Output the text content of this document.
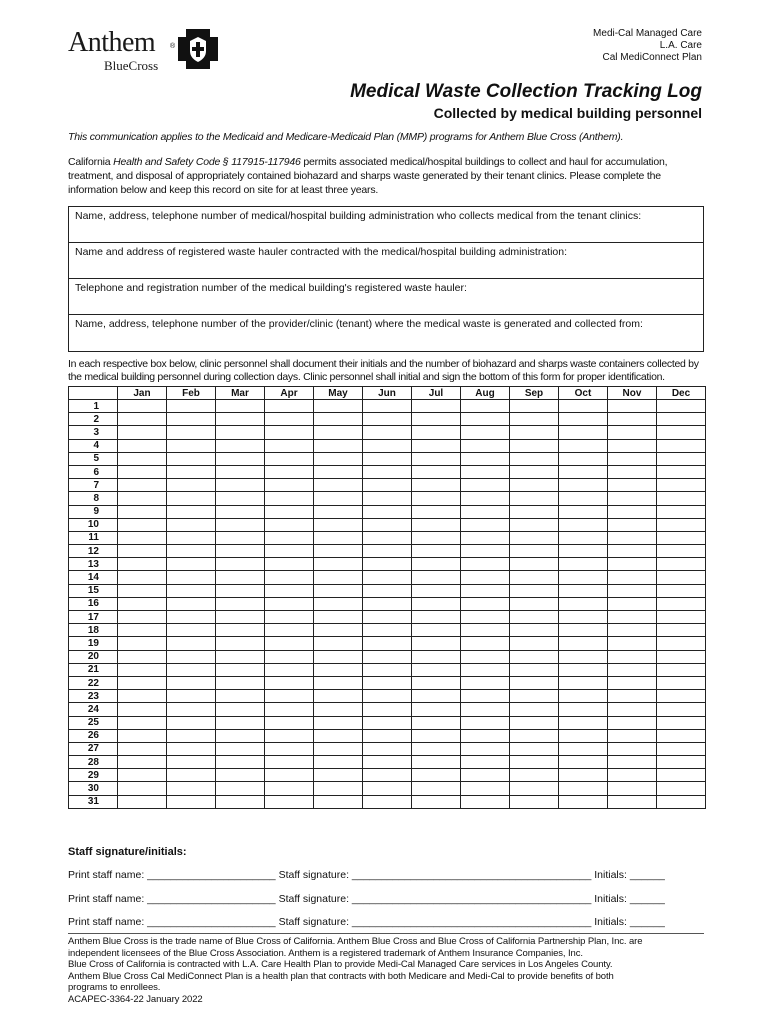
Anthem
BlueCross
®
Medi-Cal Managed Care
L.A. Care
Cal MediConnect Plan
Medical Waste Collection Tracking Log
Collected by medical building personnel
This communication applies to the Medicaid and Medicare-Medicaid Plan (MMP) programs for Anthem Blue Cross (Anthem).
California Health and Safety Code § 117915-117946 permits associated medical/hospital buildings to collect and haul for accumulation, treatment, and disposal of appropriately contained biohazard and sharps waste generated by their tenant clinics. Please complete the information below and keep this record on site for at least three years.
Name, address, telephone number of medical/hospital building administration who collects medical from the tenant clinics:
Name and address of registered waste hauler contracted with the medical/hospital building administration:
Telephone and registration number of the medical building's registered waste hauler:
Name, address, telephone number of the provider/clinic (tenant) where the medical waste is generated and collected from:
In each respective box below, clinic personnel shall document their initials and the number of biohazard and sharps waste containers collected by the medical building personnel during collection days. Clinic personnel shall initial and sign the bottom of this form for proper identification.
	Jan	Feb	Mar	Apr	May	Jun	Jul	Aug	Sep	Oct	Nov	Dec
1												
2												
3												
4												
5												
6												
7												
8												
9												
10												
11												
12												
13												
14												
15												
16												
17												
18												
19												
20												
21												
22												
23												
24												
25												
26												
27												
28												
29												
30												
31												
Staff signature/initials:
Print staff name: ______________________ Staff signature: _________________________________________ Initials: ______
Print staff name: ______________________ Staff signature: _________________________________________ Initials: ______
Print staff name: ______________________ Staff signature: _________________________________________ Initials: ______
Anthem Blue Cross is the trade name of Blue Cross of California. Anthem Blue Cross and Blue Cross of California Partnership Plan, Inc. are
independent licensees of the Blue Cross Association. Anthem is a registered trademark of Anthem Insurance Companies, Inc.
Blue Cross of California is contracted with L.A. Care Health Plan to provide Medi-Cal Managed Care services in Los Angeles County.
Anthem Blue Cross Cal MediConnect Plan is a health plan that contracts with both Medicare and Medi-Cal to provide benefits of both
programs to enrollees.
ACAPEC-3364-22 January 2022
